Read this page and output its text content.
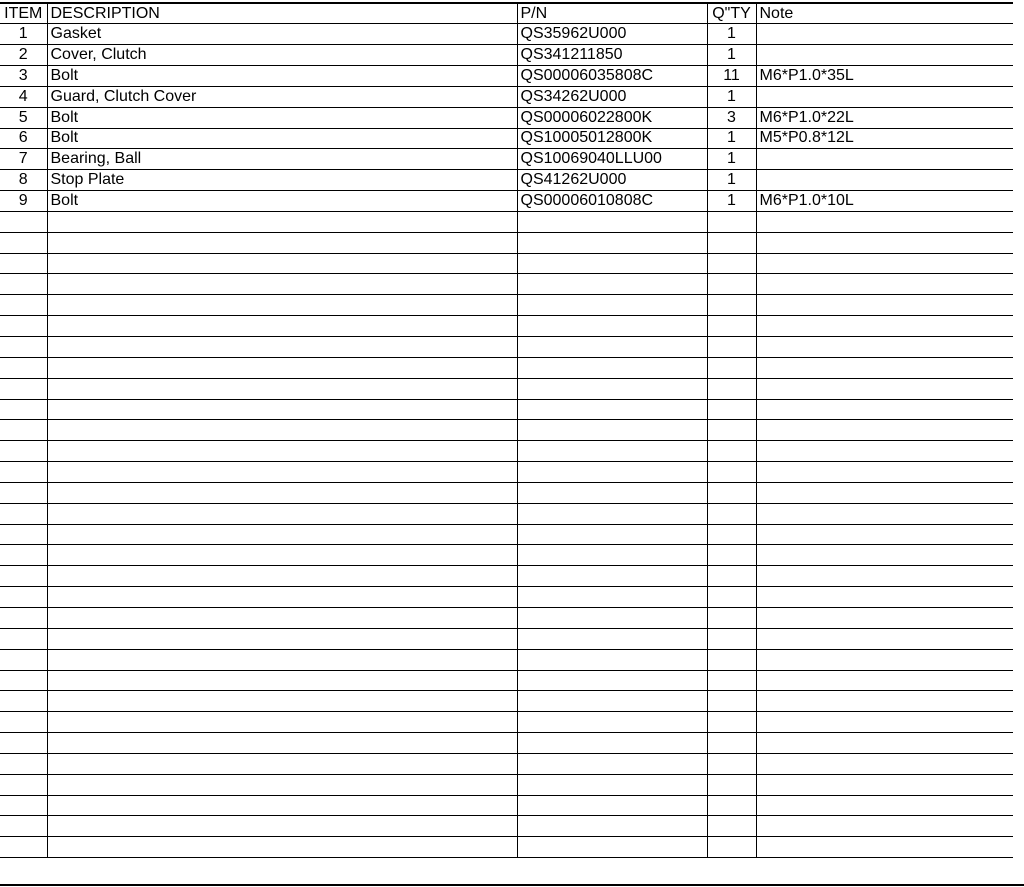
ITEM	DESCRIPTION	P/N	Q"TY	Note
1	Gasket	QS35962U000	1	
2	Cover, Clutch	QS341211850	1	
3	Bolt	QS00006035808C	11	M6*P1.0*35L
4	Guard, Clutch Cover	QS34262U000	1	
5	Bolt	QS00006022800K	3	M6*P1.0*22L
6	Bolt	QS10005012800K	1	M5*P0.8*12L
7	Bearing, Ball	QS10069040LLU00	1	
8	Stop Plate	QS41262U000	1	
9	Bolt	QS00006010808C	1	M6*P1.0*10L
